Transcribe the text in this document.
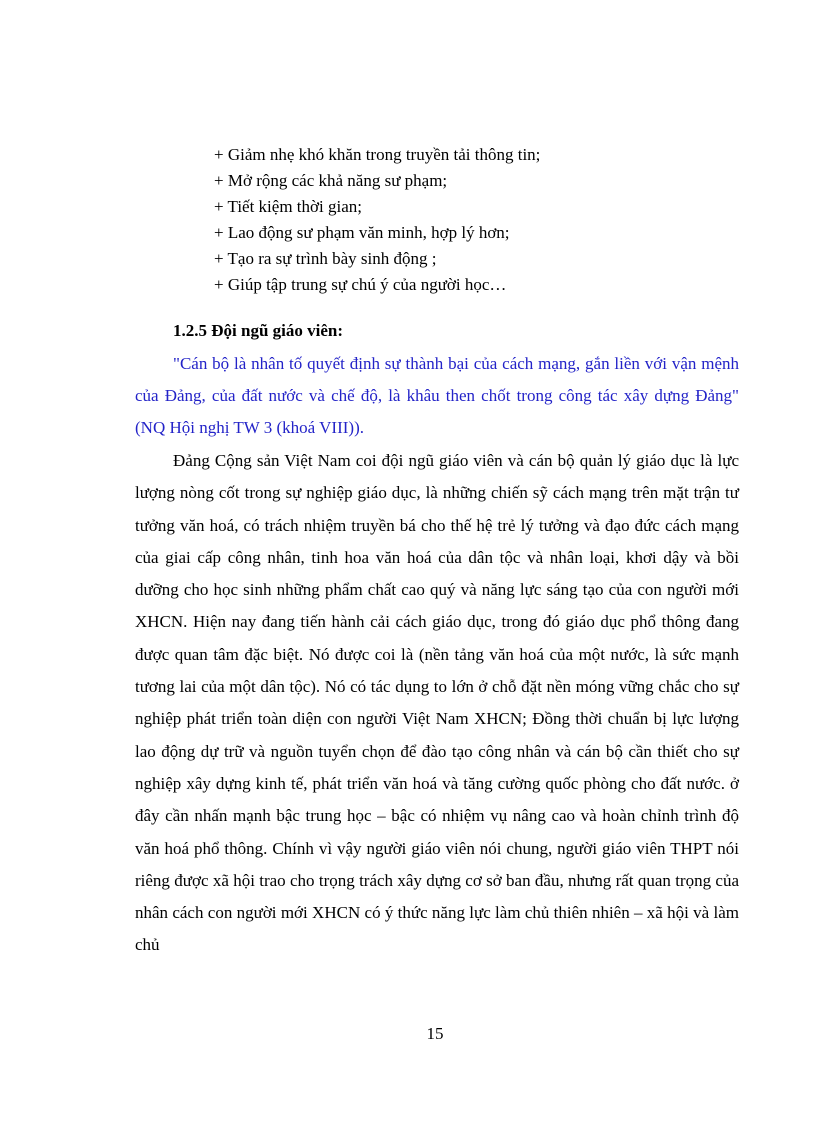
+ Giảm nhẹ khó khăn trong truyền tải thông tin;
+ Mở rộng các khả năng sư phạm;
+ Tiết kiệm thời gian;
+ Lao động sư phạm văn minh, hợp lý hơn;
+ Tạo ra sự trình bày sinh động ;
+ Giúp tập trung sự chú ý của người học…
1.2.5 Đội ngũ giáo viên:

"Cán bộ là nhân tố quyết định sự thành bại của cách mạng, gắn liền với vận mệnh của Đảng, của đất nước và chế độ, là khâu then chốt trong công tác xây dựng Đảng" (NQ Hội nghị TW 3 (khoá VIII)).

Đảng Cộng sản Việt Nam coi đội ngũ giáo viên và cán bộ quản lý giáo dục là lực lượng nòng cốt trong sự nghiệp giáo dục, là những chiến sỹ cách mạng trên mặt trận tư tưởng văn hoá, có trách nhiệm truyền bá cho thế hệ trẻ lý tưởng và đạo đức cách mạng của giai cấp công nhân, tinh hoa văn hoá của dân tộc và nhân loại, khơi dậy và bồi dưỡng cho học sinh những phẩm chất cao quý và năng lực sáng tạo của con người mới XHCN. Hiện nay đang tiến hành cải cách giáo dục, trong đó giáo dục phổ thông đang được quan tâm đặc biệt. Nó được coi là (nền tảng văn hoá của một nước, là sức mạnh tương lai của một dân tộc). Nó có tác dụng to lớn ở chỗ đặt nền móng vững chắc cho sự nghiệp phát triển toàn diện con người Việt Nam XHCN; Đồng thời chuẩn bị lực lượng lao động dự trữ và nguồn tuyển chọn để đào tạo công nhân và cán bộ cần thiết cho sự nghiệp xây dựng kinh tế, phát triển văn hoá và tăng cường quốc phòng cho đất nước. ở đây cần nhấn mạnh bậc trung học – bậc có nhiệm vụ nâng cao và hoàn chỉnh trình độ văn hoá phổ thông. Chính vì vậy người giáo viên nói chung, người giáo viên THPT nói riêng được xã hội trao cho trọng trách xây dựng cơ sở ban đầu, nhưng rất quan trọng của nhân cách con người mới XHCN có ý thức năng lực làm chủ thiên nhiên – xã hội và làm chủ

15
